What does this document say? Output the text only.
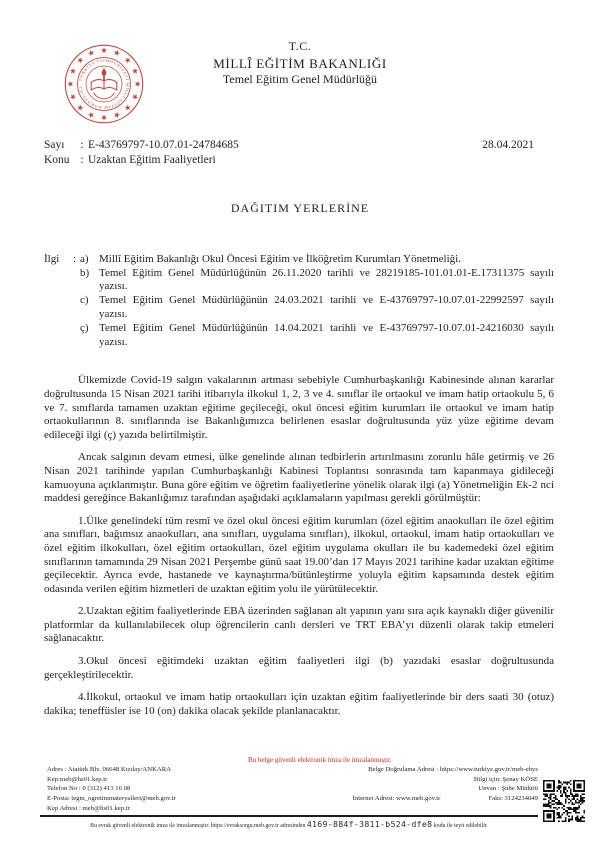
TÜRKİYE CUMHURİYETİ MİLLÎ EĞİTİM BAKANLIĞI
T.C.
MİLLÎ EĞİTİM BAKANLIĞI
Temel Eğitim Genel Müdürlüğü
Sayı	: E-43769797-10.07.01-24784685
Konu : Uzaktan Eğitim Faaliyetleri
28.04.2021
DAĞITIM YERLERİNE
İlgi : a) Millî Eğitim Bakanlığı Okul Öncesi Eğitim ve İlköğretim Kurumları Yönetmeliği.
b) Temel Eğitim Genel Müdürlüğünün 26.11.2020 tarihli ve 28219185-101.01.01-E.17311375 sayılı yazısı.
c) Temel Eğitim Genel Müdürlüğünün 24.03.2021 tarihli ve E-43769797-10.07.01-22992597 sayılı yazısı.
ç) Temel Eğitim Genel Müdürlüğünün 14.04.2021 tarihli ve E-43769797-10.07.01-24216030 sayılı yazısı.

Ülkemizde Covid-19 salgın vakalarının artması sebebiyle Cumhurbaşkanlığı Kabinesinde alınan kararlar doğrultusunda 15 Nisan 2021 tarihi itibarıyla ilkokul 1, 2, 3 ve 4. sınıflar ile ortaokul ve imam hatip ortaokulu 5, 6 ve 7. sınıflarda tamamen uzaktan eğitime geçileceği, okul öncesi eğitim kurumları ile ortaokul ve imam hatip ortaokullarının 8. sınıflarında ise Bakanlığımızca belirlenen esaslar doğrultusunda yüz yüze eğitime devam edileceği ilgi (ç) yazıda belirtilmiştir.

Ancak salgının devam etmesi, ülke genelinde alınan tedbirlerin artırılmasını zorunlu hâle getirmiş ve 26 Nisan 2021 tarihinde yapılan Cumhurbaşkanlığı Kabinesi Toplantısı sonrasında tam kapanmaya gidileceği kamuoyuna açıklanmıştır. Buna göre eğitim ve öğretim faaliyetlerine yönelik olarak ilgi (a) Yönetmeliğin Ek-2 nci maddesi gereğince Bakanlığımız tarafından aşağıdaki açıklamaların yapılması gerekli görülmüştür:

1.Ülke genelindeki tüm resmî ve özel okul öncesi eğitim kurumları (özel eğitim anaokulları ile özel eğitim ana sınıfları, bağımsız anaokulları, ana sınıfları, uygulama sınıfları), ilkokul, ortaokul, imam hatip ortaokulları ve özel eğitim ilkokulları, özel eğitim ortaokulları, özel eğitim uygulama okulları ile bu kademedeki özel eğitim sınıflarının tamamında 29 Nisan 2021 Perşembe günü saat 19.00’dan 17 Mayıs 2021 tarihine kadar uzaktan eğitime geçilecektir. Ayrıca evde, hastanede ve kaynaştırma/bütünleştirme yoluyla eğitim kapsamında destek eğitim odasında verilen eğitim hizmetleri de uzaktan eğitim yolu ile yürütülecektir.

2.Uzaktan eğitim faaliyetlerinde EBA üzerinden sağlanan alt yapının yanı sıra açık kaynaklı diğer güvenilir platformlar da kullanılabilecek olup öğrencilerin canlı dersleri ve TRT EBA’yı düzenli olarak takip etmeleri sağlanacaktır.

3.Okul öncesi eğitimdeki uzaktan eğitim faaliyetleri ilgi (b) yazıdaki esaslar doğrultusunda gerçekleştirilecektir.

4.İlkokul, ortaokul ve imam hatip ortaokulları için uzaktan eğitim faaliyetlerinde bir ders saati 30 (otuz) dakika; teneffüsler ise 10 (on) dakika olacak şekilde planlanacaktır.

Bu belge güvenli elektronik imza ile imzalanmıştır.
Adres : Atatürk Blv. 06648 Kızılay/ANKARA
Kep:meb@hs01.kep.tr
Telefon No : 0 (312) 413 16 08
E-Posta: tegm_ogretimmateryalleri@meb.gov.tr
Kep Adresi : meb@hs01.kep.tr
Belge Doğrulama Adresi : https://www.turkiye.gov.tr/meb-ebys
Bilgi için: Şenay KÖSE
Unvan : Şube Müdürü
İnternet Adresi: www.meb.gov.tr	Faks: 3124234049
Bu evrak güvenli elektronik imza ile imzalanmıştır. https://evraksorgu.meb.gov.tr adresinden 4169-884f-3811-b524-dfe8 kodu ile teyit edilebilir.
